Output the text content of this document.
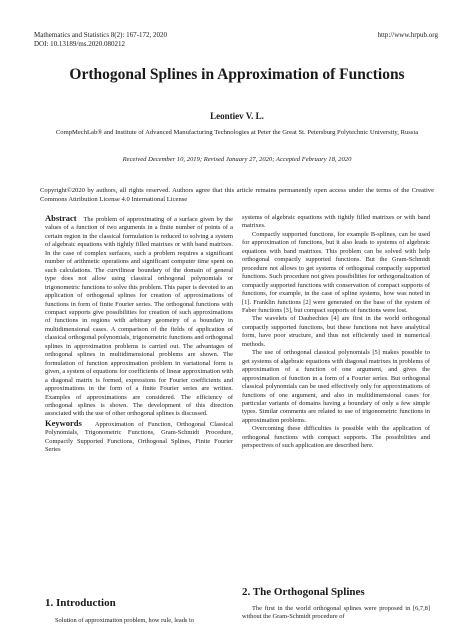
Mathematics and Statistics 8(2): 167-172, 2020
DOI: 10.13189/ms.2020.080212
http://www.hrpub.org
Orthogonal Splines in Approximation of Functions
Leontiev V. L.
CompMechLab® and Institute of Advanced Manufacturing Technologies at Peter the Great St. Petersburg Polytechnic University, Russia
Received December 10, 2019; Revised January 27, 2020; Accepted February 18, 2020
Copyright©2020 by authors, all rights reserved. Authors agree that this article remains permanently open access under the terms of the Creative Commons Attribution License 4.0 International License

Abstract The problem of approximating of a surface given by the values of a function of two arguments in a finite number of points of a certain region in the classical formulation is reduced to solving a system of algebraic equations with tightly filled matrixes or with band matrixes. In the case of complex surfaces, such a problem requires a significant number of arithmetic operations and significant computer time spent on such calculations. The curvilinear boundary of the domain of general type does not allow using classical orthogonal polynomials or trigonometric functions to solve this problem. This paper is devoted to an application of orthogonal splines for creation of approximations of functions in form of finite Fourier series. The orthogonal functions with compact supports give possibilities for creation of such approximations of functions in regions with arbitrary geometry of a boundary in multidimensional cases. A comparison of the fields of application of classical orthogonal polynomials, trigonometric functions and orthogonal splines in approximation problems is carried out. The advantages of orthogonal splines in multidimensional problems are shown. The formulation of function approximation problem in variational form is given, a system of equations for coefficients of linear approximation with a diagonal matrix is formed, expressions for Fourier coefficients and approximations in the form of a finite Fourier series are written. Examples of approximations are considered. The efficiency of orthogonal splines is shown. The development of this direction associated with the use of other orthogonal splines is discussed.

Keywords Approximation of Function, Orthogonal Classical Polynomials, Trigonometric Functions, Gram-Schmidt Procedure, Compactly Supported Functions, Orthogonal Splines, Finite Fourier Series

systems of algebraic equations with tightly filled matrixes or with band matrixes.

Compactly supported functions, for example B-splines, can be used for approximation of functions, but it also leads to systems of algebraic equations with band matrixes. This problem can be solved with help orthogonal compactly supported functions. But the Gram-Schmidt procedure not allows to get systems of orthogonal compactly supported functions. Such procedure not gives possibilities for orthogonalization of compactly supported functions with conservation of compact supports of functions, for example, in the case of spline systems, how was noted in [1]. Franklin functions [2] were generated on the base of the system of Faber functions [3], but compact supports of functions were lost.

The wavelets of Daubechies [4] are first in the world orthogonal compactly supported functions, but these functions not have analytical form, have poor structure, and thus not efficiently used in numerical methods.

The use of orthogonal classical polynomials [5] makes possible to get systems of algebraic equations with diagonal matrixes in problems of approximation of a function of one argument, and gives the approximation of function in a form of a Fourier series. But orthogonal classical polynomials can be used effectively only for approximations of functions of one argument, and also in multidimensional cases for particular variants of domains having a boundary of only a few simple types. Similar comments are related to use of trigonometric functions in approximation problems.

Overcoming these difficulties is possible with the application of orthogonal functions with compact supports. The possibilities and perspectives of such application are described here.

1. Introduction
Solution of approximation problem, how rule, leads to
2. The Orthogonal Splines
The first in the world orthogonal splines were proposed in [6,7,8] without the Gram-Schmidt procedure of
